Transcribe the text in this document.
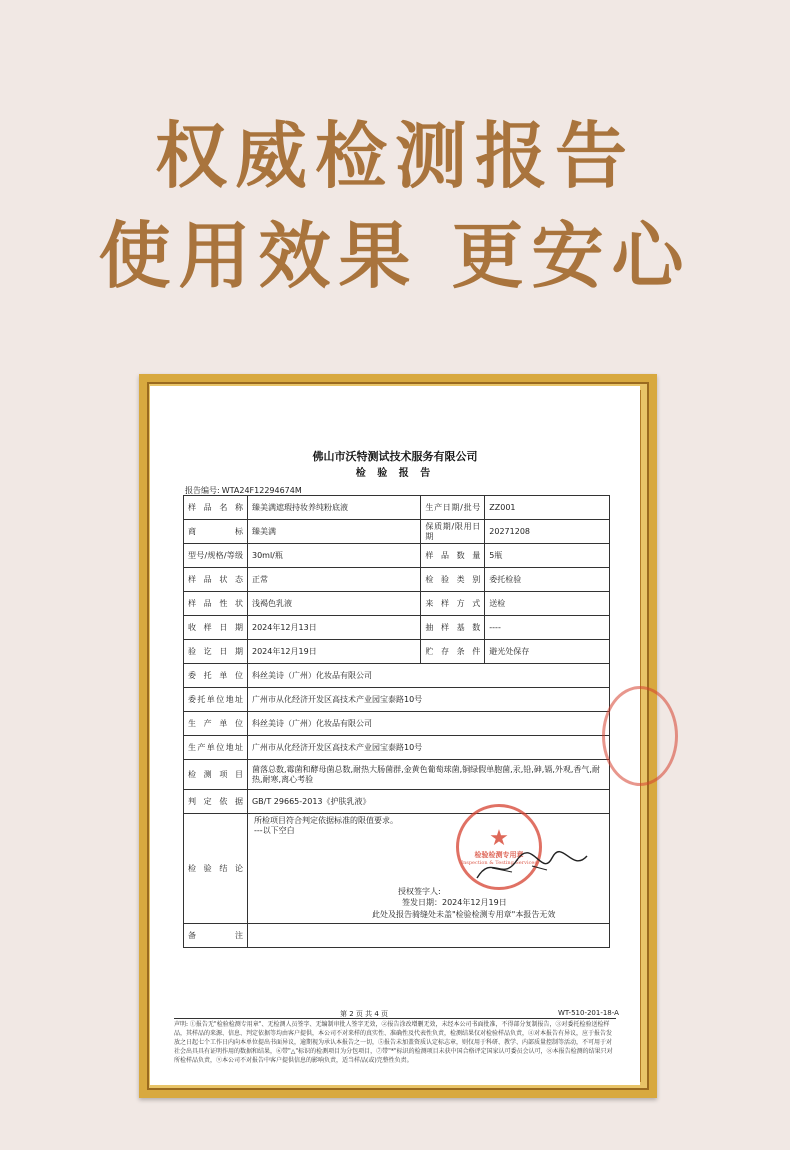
权威检测报告
使用效果 更安心
佛山市沃特测试技术服务有限公司
检 验 报 告
报告编号: WTA24F12294674M
样品名称	臻美满遮瑕持妆养纯粉底液	生产日期/批号	ZZ001
商标	臻美满	保质期/限用日期	20271208
型号/规格/等级	30ml/瓶	样品数量	5瓶
样品状态	正常	检验类别	委托检验
样品性状	浅褐色乳液	来样方式	送检
收样日期	2024年12月13日	抽样基数	----
验讫日期	2024年12月19日	贮存条件	避光处保存
委托单位	科丝美诗（广州）化妆品有限公司		
委托单位地址	广州市从化经济开发区高技术产业园宝泰路10号		
生产单位	科丝美诗（广州）化妆品有限公司		
生产单位地址	广州市从化经济开发区高技术产业园宝泰路10号		
检测项目	菌落总数,霉菌和酵母菌总数,耐热大肠菌群,金黄色葡萄球菌,铜绿假单胞菌,汞,铅,砷,镉,外观,香气,耐热,耐寒,离心考验		
判定依据	GB/T 29665-2013《护肤乳液》		
检验结论	所检项目符合判定依据标准的限值要求。
---以下空白
授权签字人:
签发日期：2024年12月19日
此处及报告骑缝处未盖"检验检测专用章"本报告无效		

备注			
★
检验检测专用章
Inspection & Testing Services
第 2 页 共 4 页	WT-510-201-18-A
声明: ①报告无"检验检测专用章"、无检测人员签字、无编制审批人签字无效，②报告涂改增删无效，未经本公司书面批准，不得部分复制报告，③对委托检验送检样品，其样品的来源、信息、判定依据等均由客户提供，本公司不对来样的真实性、准确性及代表性负责，检测结果仅对检验样品负责，④对本报告有异议，应于报告发放之日起七个工作日内向本单位提出书面异议，逾期视为承认本报告之一切，⑤报告未加盖资质认定标志章，则仅用于科研、教学、内部质量控制等活动，不可用于对社会出具具有证明作用的数据和结果，⑥带"△"标识的检测项目为分包项目，⑦带"*"标识的检测项目未获中国合格评定国家认可委员会认可，⑧本报告检测的结果只对所检样品负责，⑨本公司不对报告中客户提供信息的影响负责，适当样品(或)完整性负责。
